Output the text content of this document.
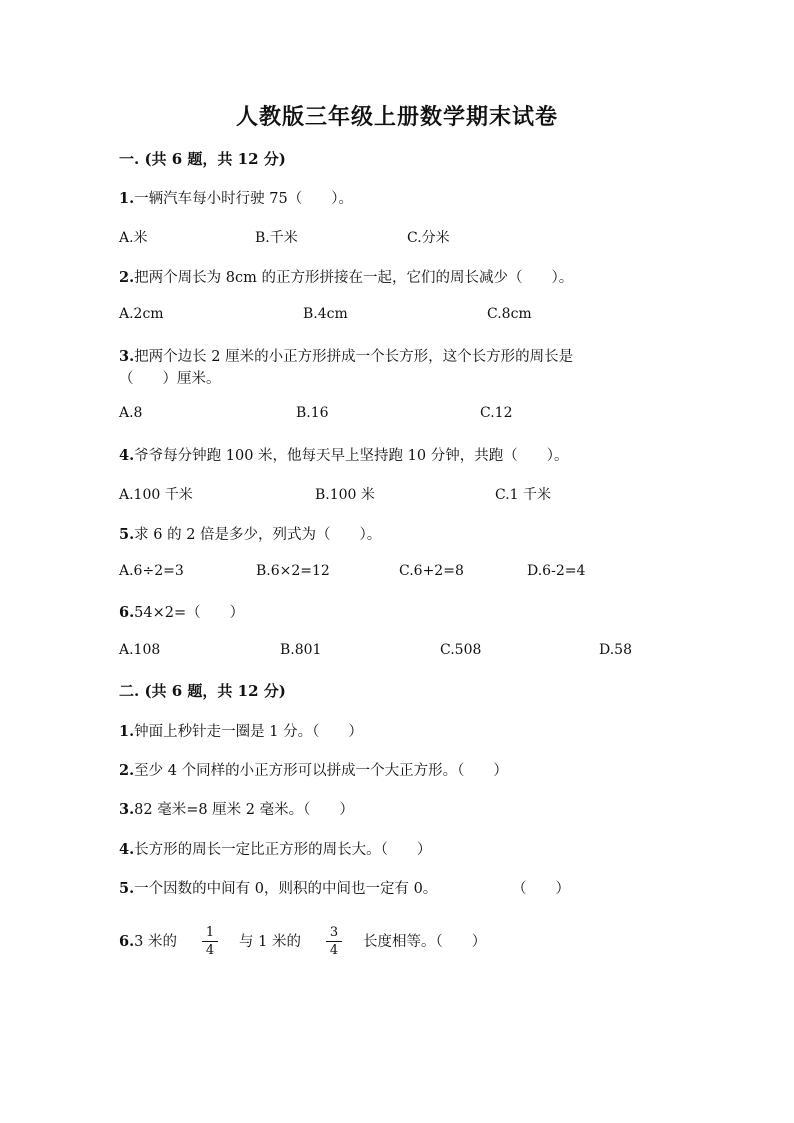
人教版三年级上册数学期末试卷
一. (共 6 题，共 12 分)
1.一辆汽车每小时行驶 75（　　）。
A.米	B.千米	C.分米
2.把两个周长为 8cm 的正方形拼接在一起，它们的周长减少（　　）。
A.2cm	B.4cm	C.8cm
3.把两个边长 2 厘米的小正方形拼成一个长方形，这个长方形的周长是
（　　）厘米。
A.8	B.16	C.12
4.爷爷每分钟跑 100 米，他每天早上坚持跑 10 分钟，共跑（　　）。
A.100 千米	B.100 米	C.1 千米
5.求 6 的 2 倍是多少，列式为（　　）。
A.6÷2=3	B.6×2=12	C.6+2=8	D.6-2=4
6.54×2=（　　）
A.108	B.801	C.508	D.58
二. (共 6 题，共 12 分)
1.钟面上秒针走一圈是 1 分。（　　）
2.至少 4 个同样的小正方形可以拼成一个大正方形。（　　）
3.82 毫米=8 厘米 2 毫米。（　　）
4.长方形的周长一定比正方形的周长大。（　　）
5.一个因数的中间有 0，则积的中间也一定有 0。	（　　）
6.3 米的
1
4
与 1 米的
3
4
长度相等。（　　）
